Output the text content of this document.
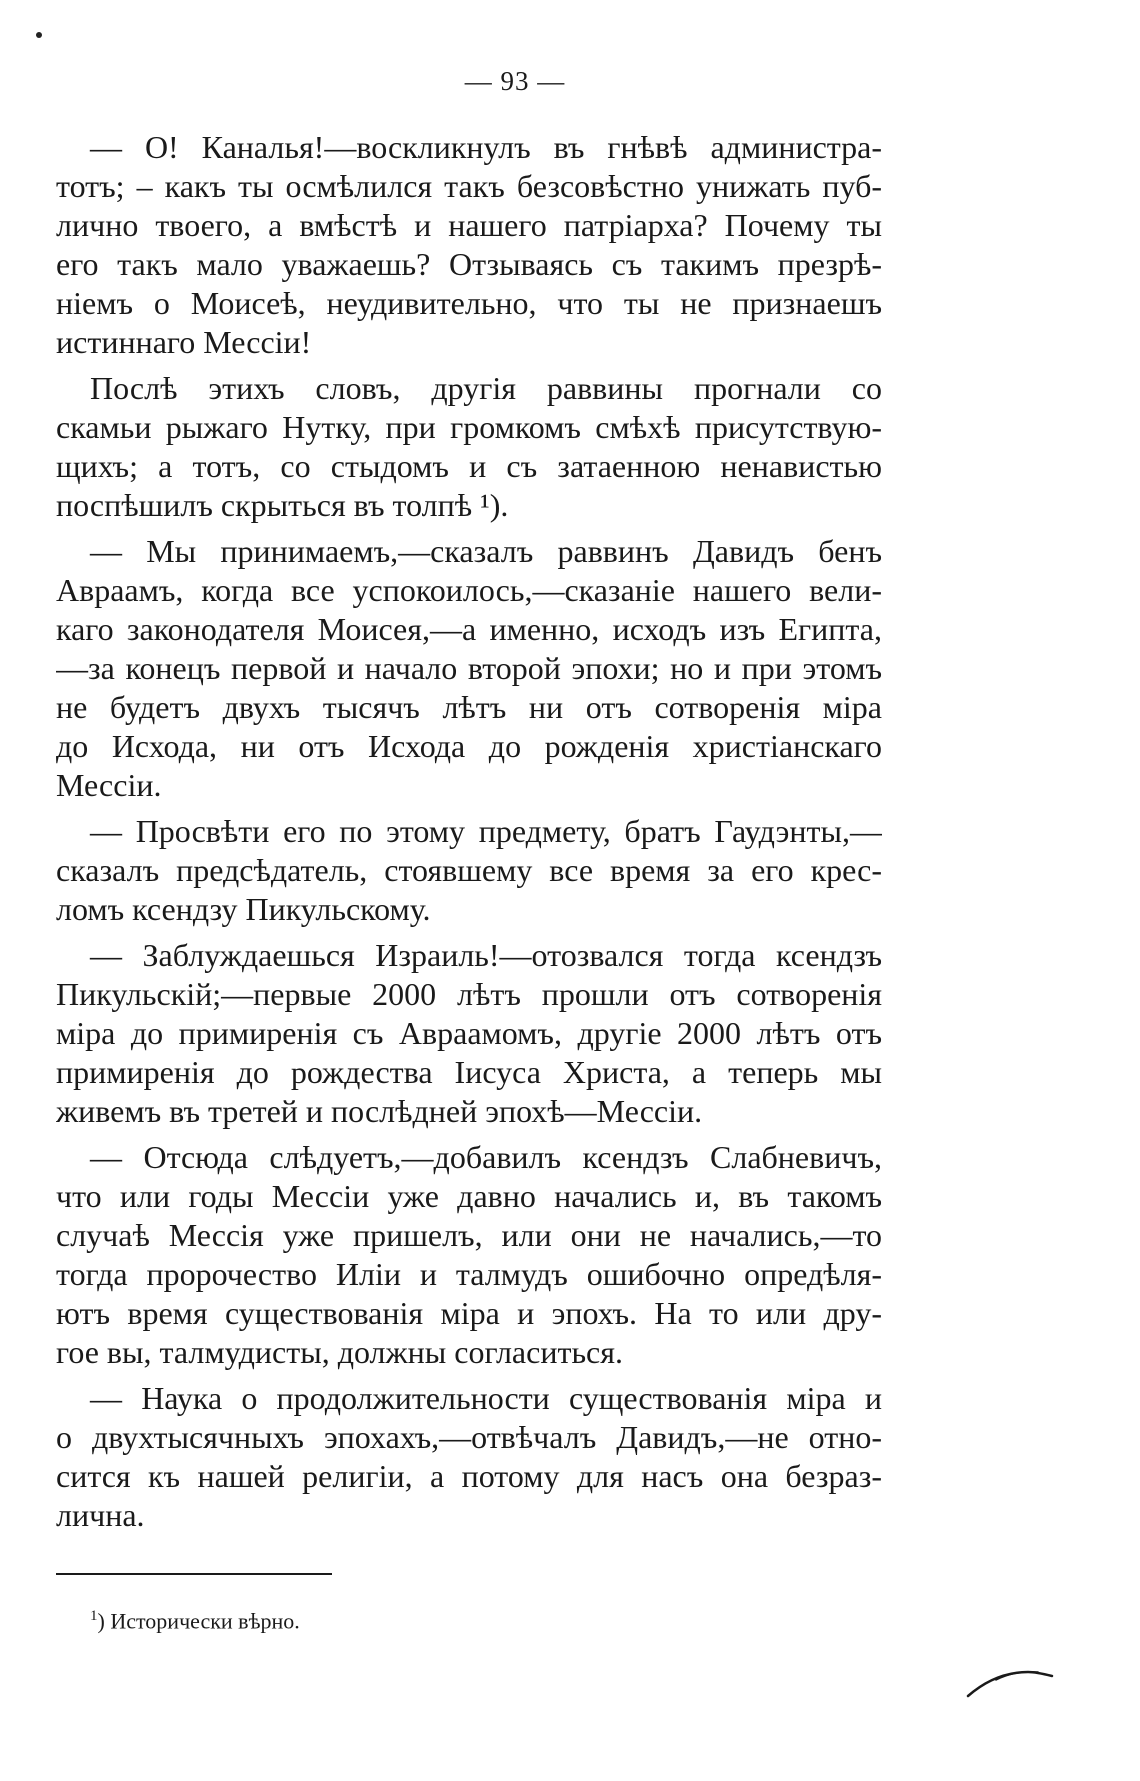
— 93 —
— О! Каналья!—воскликнулъ въ гнѣвѣ администра-
тотъ; – какъ ты осмѣлился такъ безсовѣстно унижать пуб-
лично твоего, а вмѣстѣ и нашего патріарха? Почему ты
его такъ мало уважаешь? Отзываясь съ такимъ презрѣ-
ніемъ о Моисеѣ, неудивительно, что ты не признаешъ
истиннаго Мессіи!
Послѣ этихъ словъ, другія раввины прогнали со
скамьи рыжаго Нутку, при громкомъ смѣхѣ присутствую-
щихъ; а тотъ, со стыдомъ и съ затаенною ненавистью
поспѣшилъ скрыться въ толпѣ ¹).
— Мы принимаемъ,—сказалъ раввинъ Давидъ бенъ
Авраамъ, когда все успокоилось,—сказаніе нашего вели-
каго законодателя Моисея,—а именно, исходъ изъ Египта,
—за конецъ первой и начало второй эпохи; но и при этомъ
не будетъ двухъ тысячъ лѣтъ ни отъ сотворенія міра
до Исхода, ни отъ Исхода до рожденія христіанскаго
Мессіи.
— Просвѣти его по этому предмету, братъ Гаудэнты,—
сказалъ предсѣдатель, стоявшему все время за его крес-
ломъ ксендзу Пикульскому.
— Заблуждаешься Израиль!—отозвался тогда ксендзъ
Пикульскій;—первые 2000 лѣтъ прошли отъ сотворенія
міра до примиренія съ Авраамомъ, другіе 2000 лѣтъ отъ
примиренія до рождества Іисуса Христа, а теперь мы
живемъ въ третей и послѣдней эпохѣ—Мессіи.
— Отсюда слѣдуетъ,—добавилъ ксендзъ Слабневичъ,
что или годы Мессіи уже давно начались и, въ такомъ
случаѣ Мессія уже пришелъ, или они не начались,—то
тогда пророчество Иліи и талмудъ ошибочно опредѣля-
ютъ время существованія міра и эпохъ. На то или дру-
гое вы, талмудисты, должны согласиться.
— Наука о продолжительности существованія міра и
о двухтысячныхъ эпохахъ,—отвѣчалъ Давидъ,—не отно-
сится къ нашей религіи, а потому для насъ она безраз-
лична.
$^1$) Исторически вѣрно.
